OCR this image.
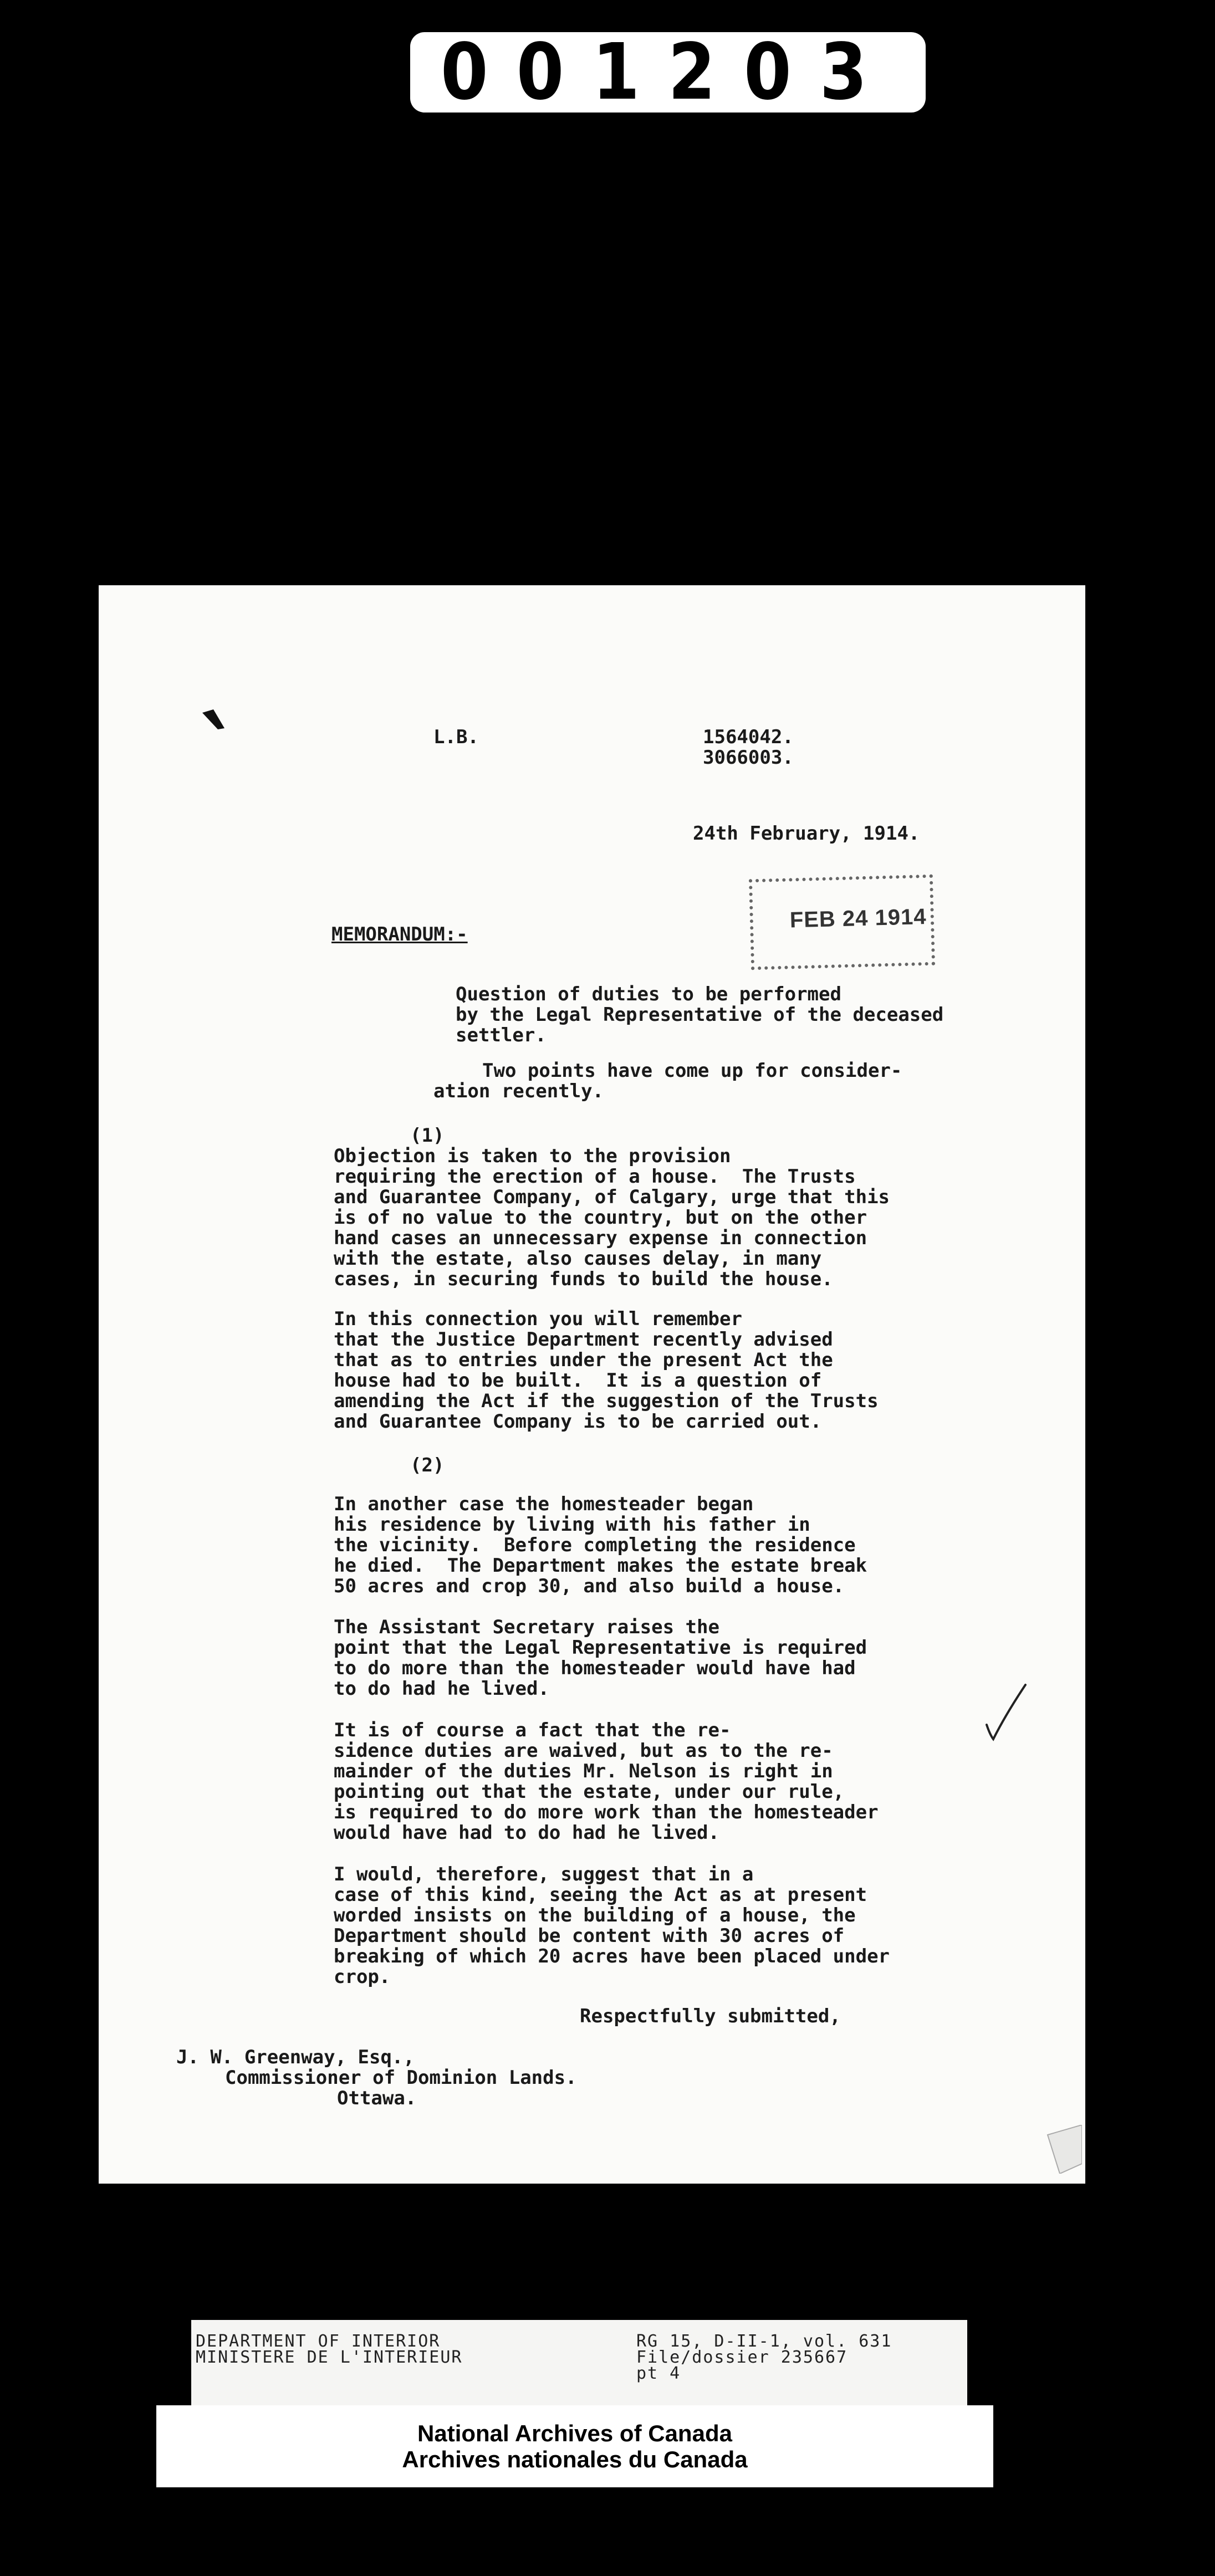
001203
L.B.	1564042.
3066003.
24th February, 1914.
FEB 24 1914
MEMORANDUM:-
Question of duties to be performed
by the Legal Representative of the deceased
settler.
Two points have come up for consider-
ation recently.
(1)
Objection is taken to the provision
requiring the erection of a house.  The Trusts
and Guarantee Company, of Calgary, urge that this
is of no value to the country, but on the other
hand cases an unnecessary expense in connection
with the estate, also causes delay, in many
cases, in securing funds to build the house.
In this connection you will remember
that the Justice Department recently advised
that as to entries under the present Act the
house had to be built.  It is a question of
amending the Act if the suggestion of the Trusts
and Guarantee Company is to be carried out.
(2)
In another case the homesteader began
his residence by living with his father in
the vicinity.  Before completing the residence
he died.  The Department makes the estate break
50 acres and crop 30, and also build a house.
The Assistant Secretary raises the
point that the Legal Representative is required
to do more than the homesteader would have had
to do had he lived.
It is of course a fact that the re-
sidence duties are waived, but as to the re-
mainder of the duties Mr. Nelson is right in
pointing out that the estate, under our rule,
is required to do more work than the homesteader
would have had to do had he lived.
I would, therefore, suggest that in a
case of this kind, seeing the Act as at present
worded insists on the building of a house, the
Department should be content with 30 acres of
breaking of which 20 acres have been placed under
crop.
Respectfully submitted,
J. W. Greenway, Esq.,
Commissioner of Dominion Lands.
Ottawa.
DEPARTMENT OF INTERIOR
MINISTERE DE L'INTERIEUR
RG 15, D-II-1, vol. 631
File/dossier 235667
pt 4
National Archives of Canada
Archives nationales du Canada
